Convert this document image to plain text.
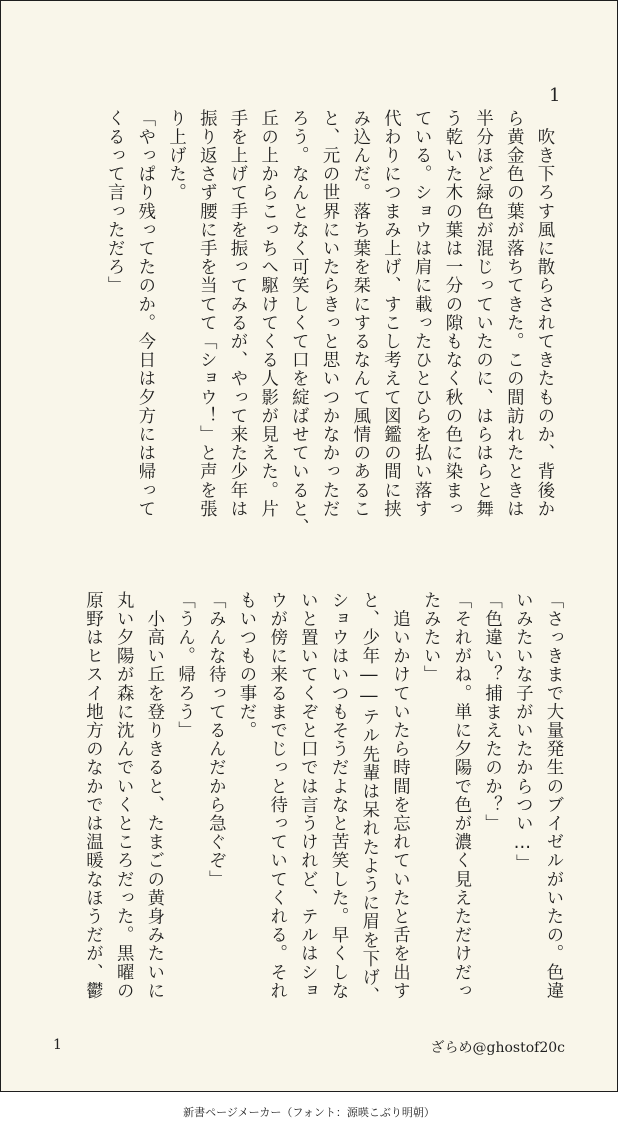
1

　吹き下ろす風に散らされてきたものか、背後か

ら黄金色の葉が落ちてきた。この間訪れたときは

半分ほど緑色が混じっていたのに、はらはらと舞

う乾いた木の葉は一分の隙もなく秋の色に染まっ

ている。ショウは肩に載ったひとひらを払い落す

代わりにつまみ上げ、すこし考えて図鑑の間に挟

み込んだ。落ち葉を栞にするなんて風情のあるこ

と、元の世界にいたらきっと思いつかなかっただ

ろう。なんとなく可笑しくて口を綻ばせていると、

丘の上からこっちへ駆けてくる人影が見えた。片

手を上げて手を振ってみるが、やって来た少年は

振り返さず腰に手を当てて「ショウ！」と声を張

り上げた。

「やっぱり残ってたのか。今日は夕方には帰って

くるって言っただろ」

「さっきまで大量発生のブイゼルがいたの。色違

いみたいな子がいたからつい…」

「色違い？捕まえたのか？」

「それがね。単に夕陽で色が濃く見えただけだっ

たみたい」

　追いかけていたら時間を忘れていたと舌を出す

と、少年――テル先輩は呆れたように眉を下げ、

ショウはいつもそうだよなと苦笑した。早くしな

いと置いてくぞと口では言うけれど、テルはショ

ウが傍に来るまでじっと待っていてくれる。それ

もいつもの事だ。

「みんな待ってるんだから急ぐぞ」

「うん。帰ろう」

　小高い丘を登りきると、たまごの黄身みたいに

丸い夕陽が森に沈んでいくところだった。黒曜の

原野はヒスイ地方のなかでは温暖なほうだが、鬱

1	ざらめ@ghostof20c
新書ページメーカー（フォント：源暎こぶり明朝）
